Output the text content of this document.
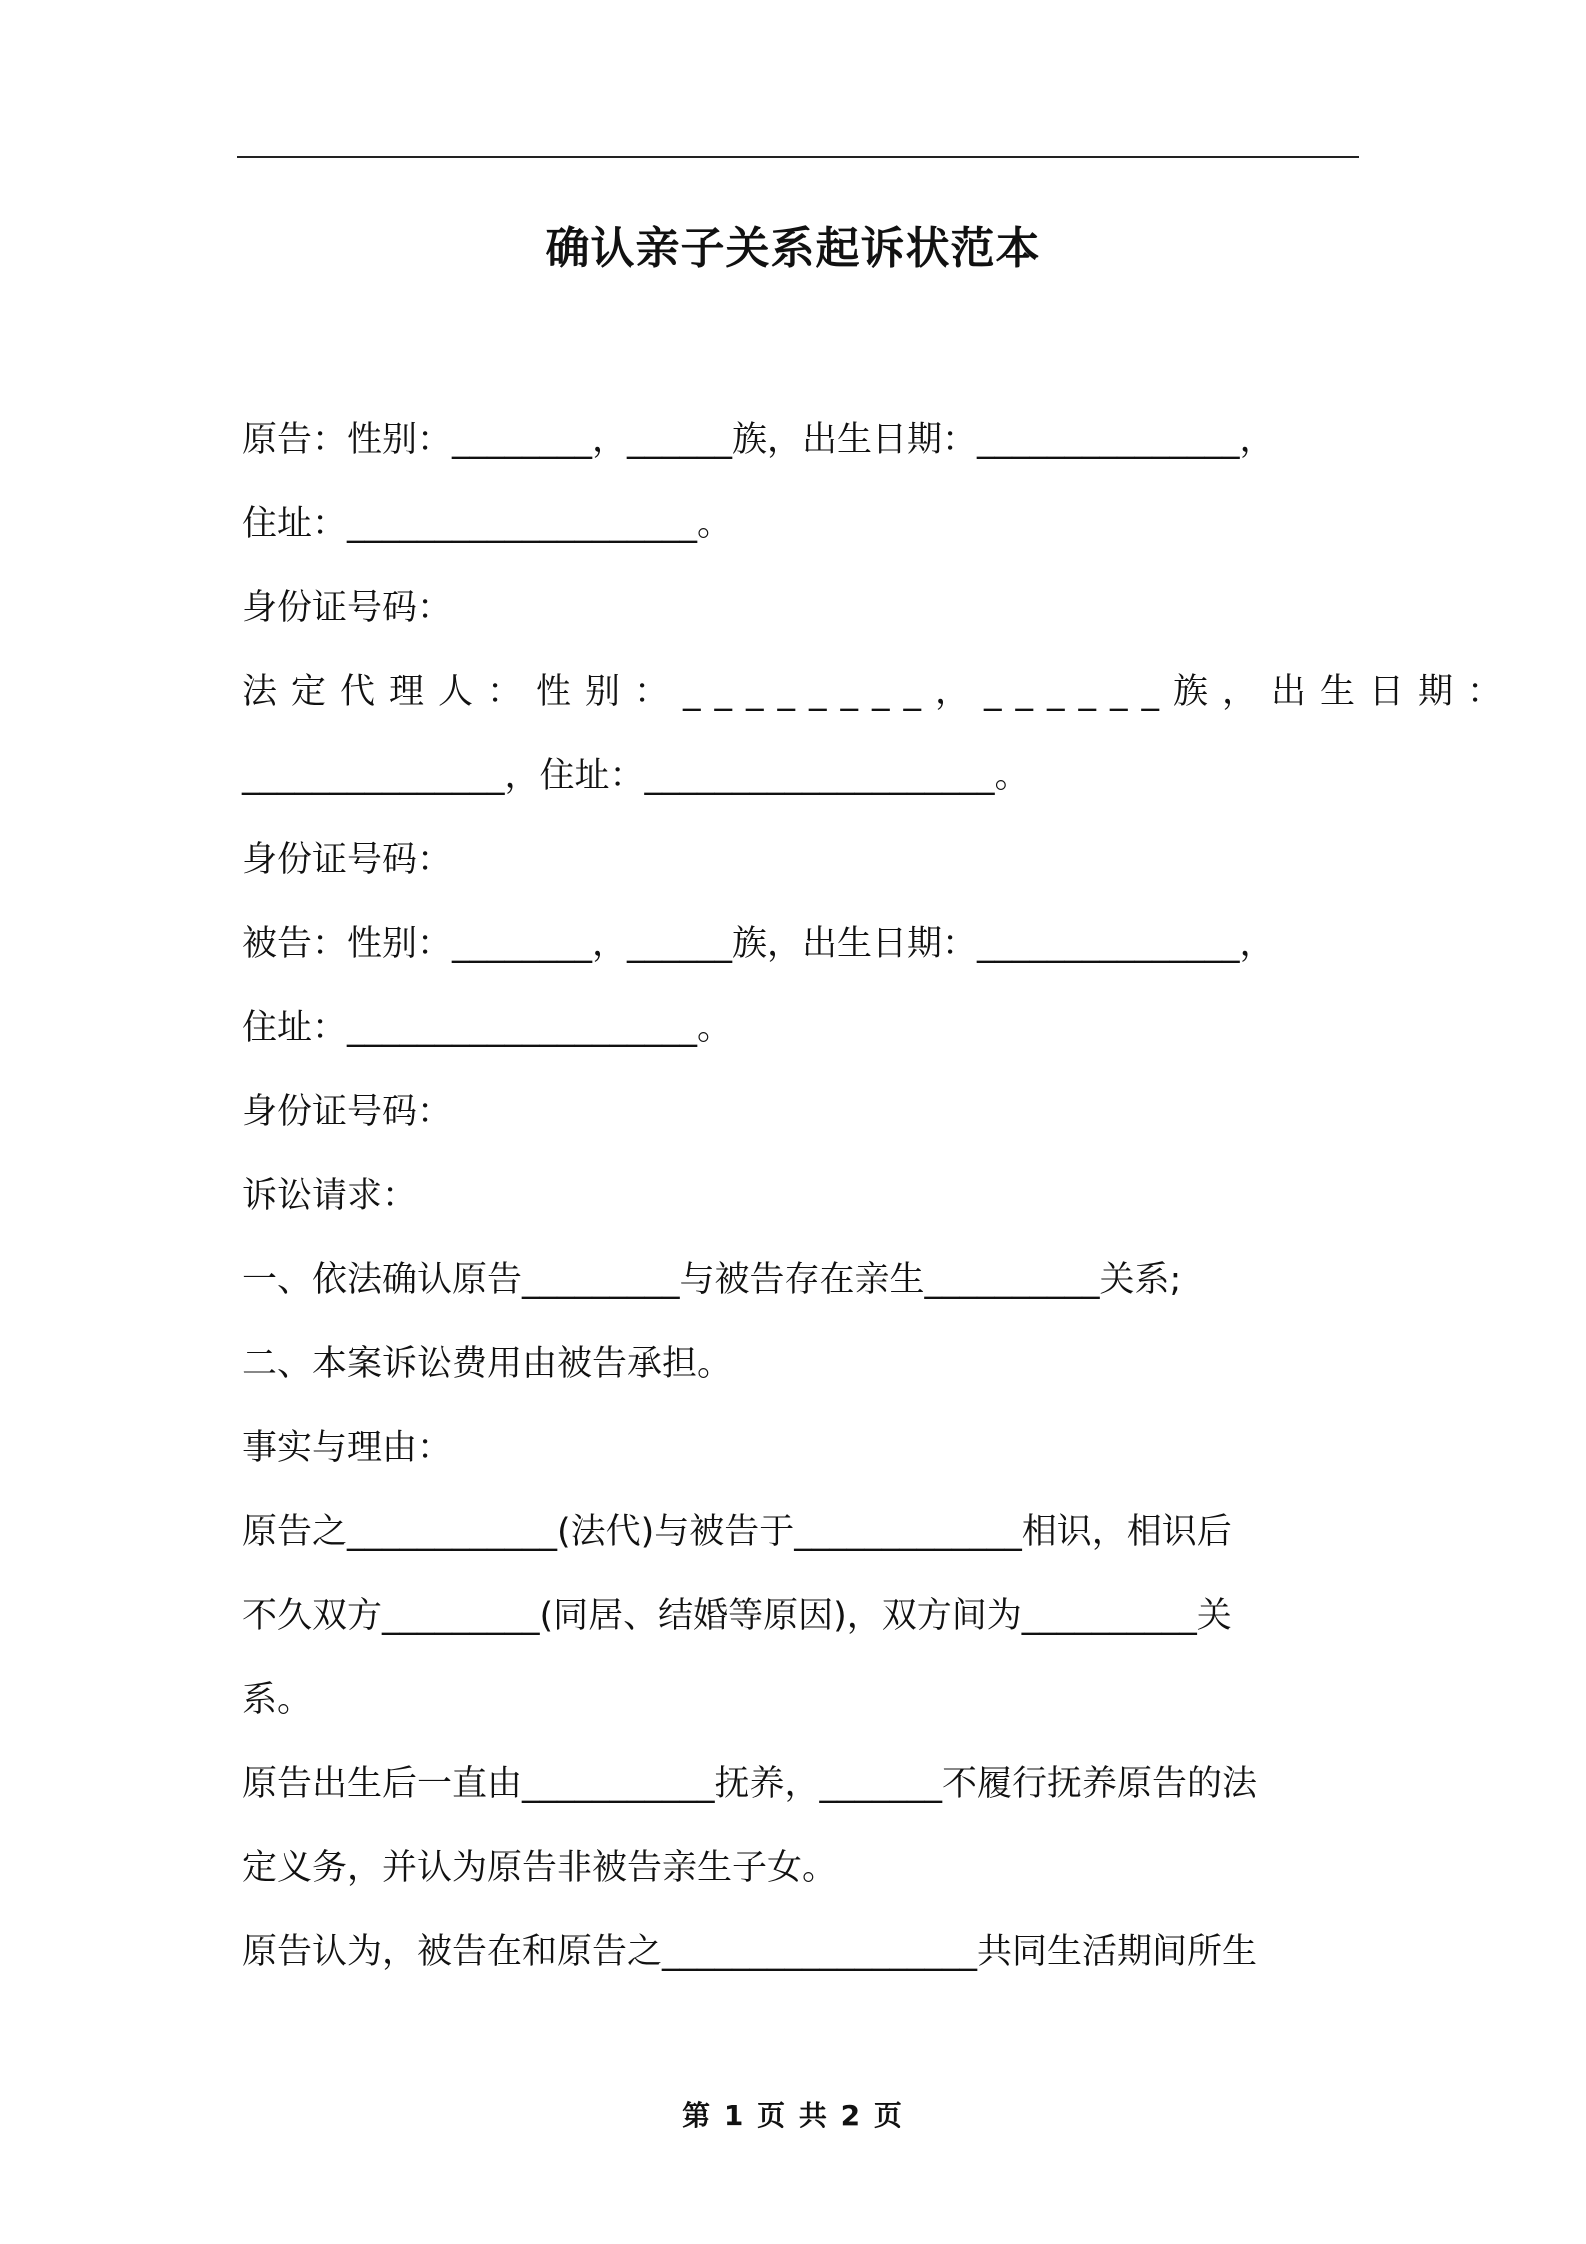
确认亲子关系起诉状范本
原告：性别：________，______族，出生日期：_______________，
住址：____________________。
身份证号码：
法定代理人：性别：________，______族，出生日期：
_______________，住址：____________________。
身份证号码：
被告：性别：________，______族，出生日期：_______________，
住址：____________________。
身份证号码：
诉讼请求：
一、依法确认原告_________与被告存在亲生__________关系;
二、本案诉讼费用由被告承担。
事实与理由：
原告之____________(法代)与被告于_____________相识，相识后
不久双方_________(同居、结婚等原因)，双方间为__________关
系。
原告出生后一直由___________抚养，_______不履行抚养原告的法
定义务，并认为原告非被告亲生子女。
原告认为，被告在和原告之__________________共同生活期间所生
第 1 页 共 2 页
